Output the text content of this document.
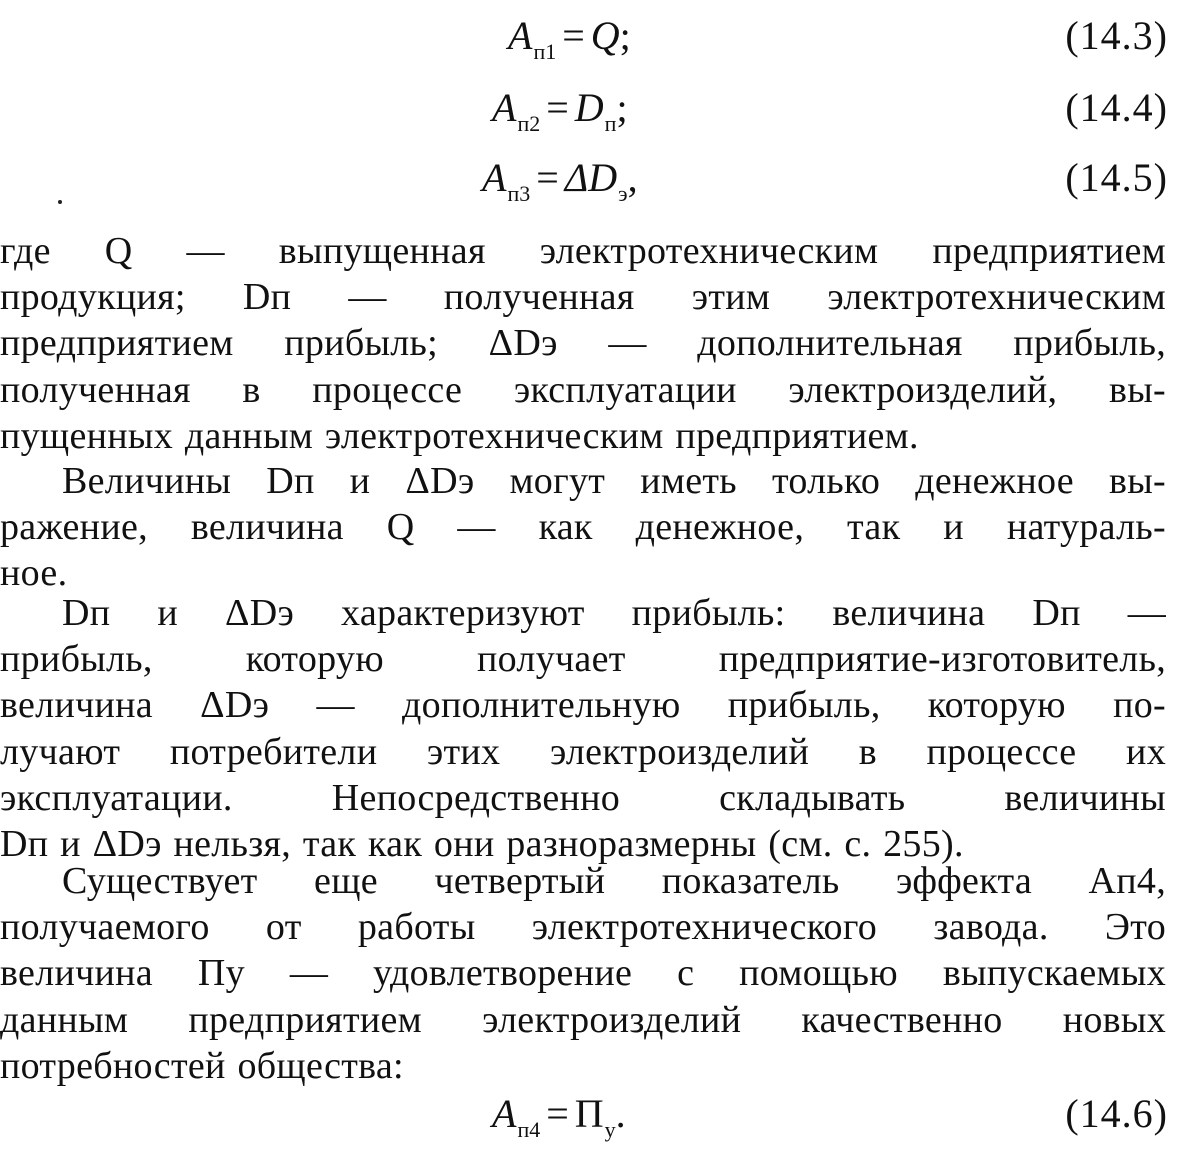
$A_{п1} = Q$;	(14.3)
$A_{п2} = D_п$;	(14.4)
$A_{п3} = \Delta D_э$,	(14.5)

где Q — выпущенная электротехническим предприятием
продукция; Dп — полученная этим электротехническим
предприятием прибыль; ΔDэ — дополнительная прибыль,
полученная в процессе эксплуатации электроизделий, вы-
пущенных данным электротехническим предприятием.

Величины Dп и ΔDэ могут иметь только денежное вы-
ражение, величина Q — как денежное, так и натураль-
ное.

Dп и ΔDэ характеризуют прибыль: величина Dп —
прибыль, которую получает предприятие-изготовитель,
величина ΔDэ — дополнительную прибыль, которую по-
лучают потребители этих электроизделий в процессе их
эксплуатации. Непосредственно складывать величины
Dп и ΔDэ нельзя, так как они разноразмерны (см. с. 255).

Существует еще четвертый показатель эффекта Aп4,
получаемого от работы электротехнического завода. Это
величина Пу — удовлетворение с помощью выпускаемых
данным предприятием электроизделий качественно новых
потребностей общества:

$A_{п4} = П_у$.	(14.6)
